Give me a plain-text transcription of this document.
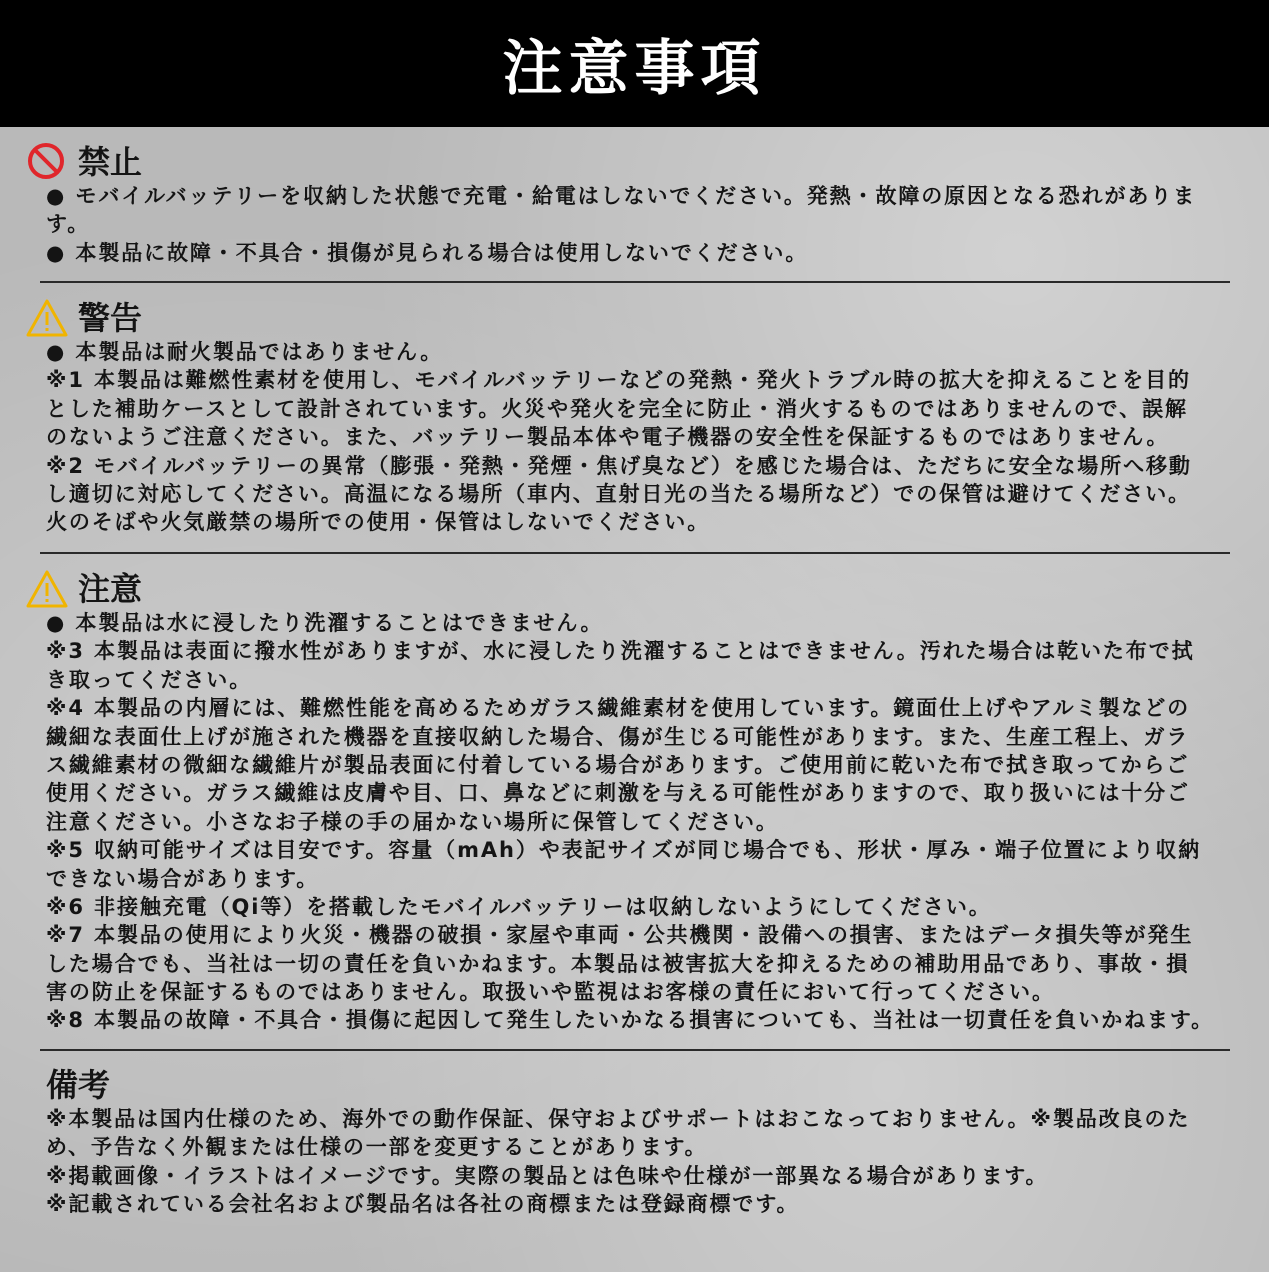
注意事項
禁止
● モバイルバッテリーを収納した状態で充電・給電はしないでください。発熱・故障の原因となる恐れがありま
す。
● 本製品に故障・不具合・損傷が見られる場合は使用しないでください。
警告
● 本製品は耐火製品ではありません。
※1 本製品は難燃性素材を使用し、モバイルバッテリーなどの発熱・発火トラブル時の拡大を抑えることを目的
とした補助ケースとして設計されています。火災や発火を完全に防止・消火するものではありませんので、誤解
のないようご注意ください。また、バッテリー製品本体や電子機器の安全性を保証するものではありません。
※2 モバイルバッテリーの異常（膨張・発熱・発煙・焦げ臭など）を感じた場合は、ただちに安全な場所へ移動
し適切に対応してください。高温になる場所（車内、直射日光の当たる場所など）での保管は避けてください。
火のそばや火気厳禁の場所での使用・保管はしないでください。
注意
● 本製品は水に浸したり洗濯することはできません。
※3 本製品は表面に撥水性がありますが、水に浸したり洗濯することはできません。汚れた場合は乾いた布で拭
き取ってください。
※4 本製品の内層には、難燃性能を高めるためガラス繊維素材を使用しています。鏡面仕上げやアルミ製などの
繊細な表面仕上げが施された機器を直接収納した場合、傷が生じる可能性があります。また、生産工程上、ガラ
ス繊維素材の微細な繊維片が製品表面に付着している場合があります。ご使用前に乾いた布で拭き取ってからご
使用ください。ガラス繊維は皮膚や目、口、鼻などに刺激を与える可能性がありますので、取り扱いには十分ご
注意ください。小さなお子様の手の届かない場所に保管してください。
※5 収納可能サイズは目安です。容量（mAh）や表記サイズが同じ場合でも、形状・厚み・端子位置により収納
できない場合があります。
※6 非接触充電（Qi等）を搭載したモバイルバッテリーは収納しないようにしてください。
※7 本製品の使用により火災・機器の破損・家屋や車両・公共機関・設備への損害、またはデータ損失等が発生
した場合でも、当社は一切の責任を負いかねます。本製品は被害拡大を抑えるための補助用品であり、事故・損
害の防止を保証するものではありません。取扱いや監視はお客様の責任において行ってください。
※8 本製品の故障・不具合・損傷に起因して発生したいかなる損害についても、当社は一切責任を負いかねます。
備考
※本製品は国内仕様のため、海外での動作保証、保守およびサポートはおこなっておりません。※製品改良のた
め、予告なく外観または仕様の一部を変更することがあります。
※掲載画像・イラストはイメージです。実際の製品とは色味や仕様が一部異なる場合があります。
※記載されている会社名および製品名は各社の商標または登録商標です。
